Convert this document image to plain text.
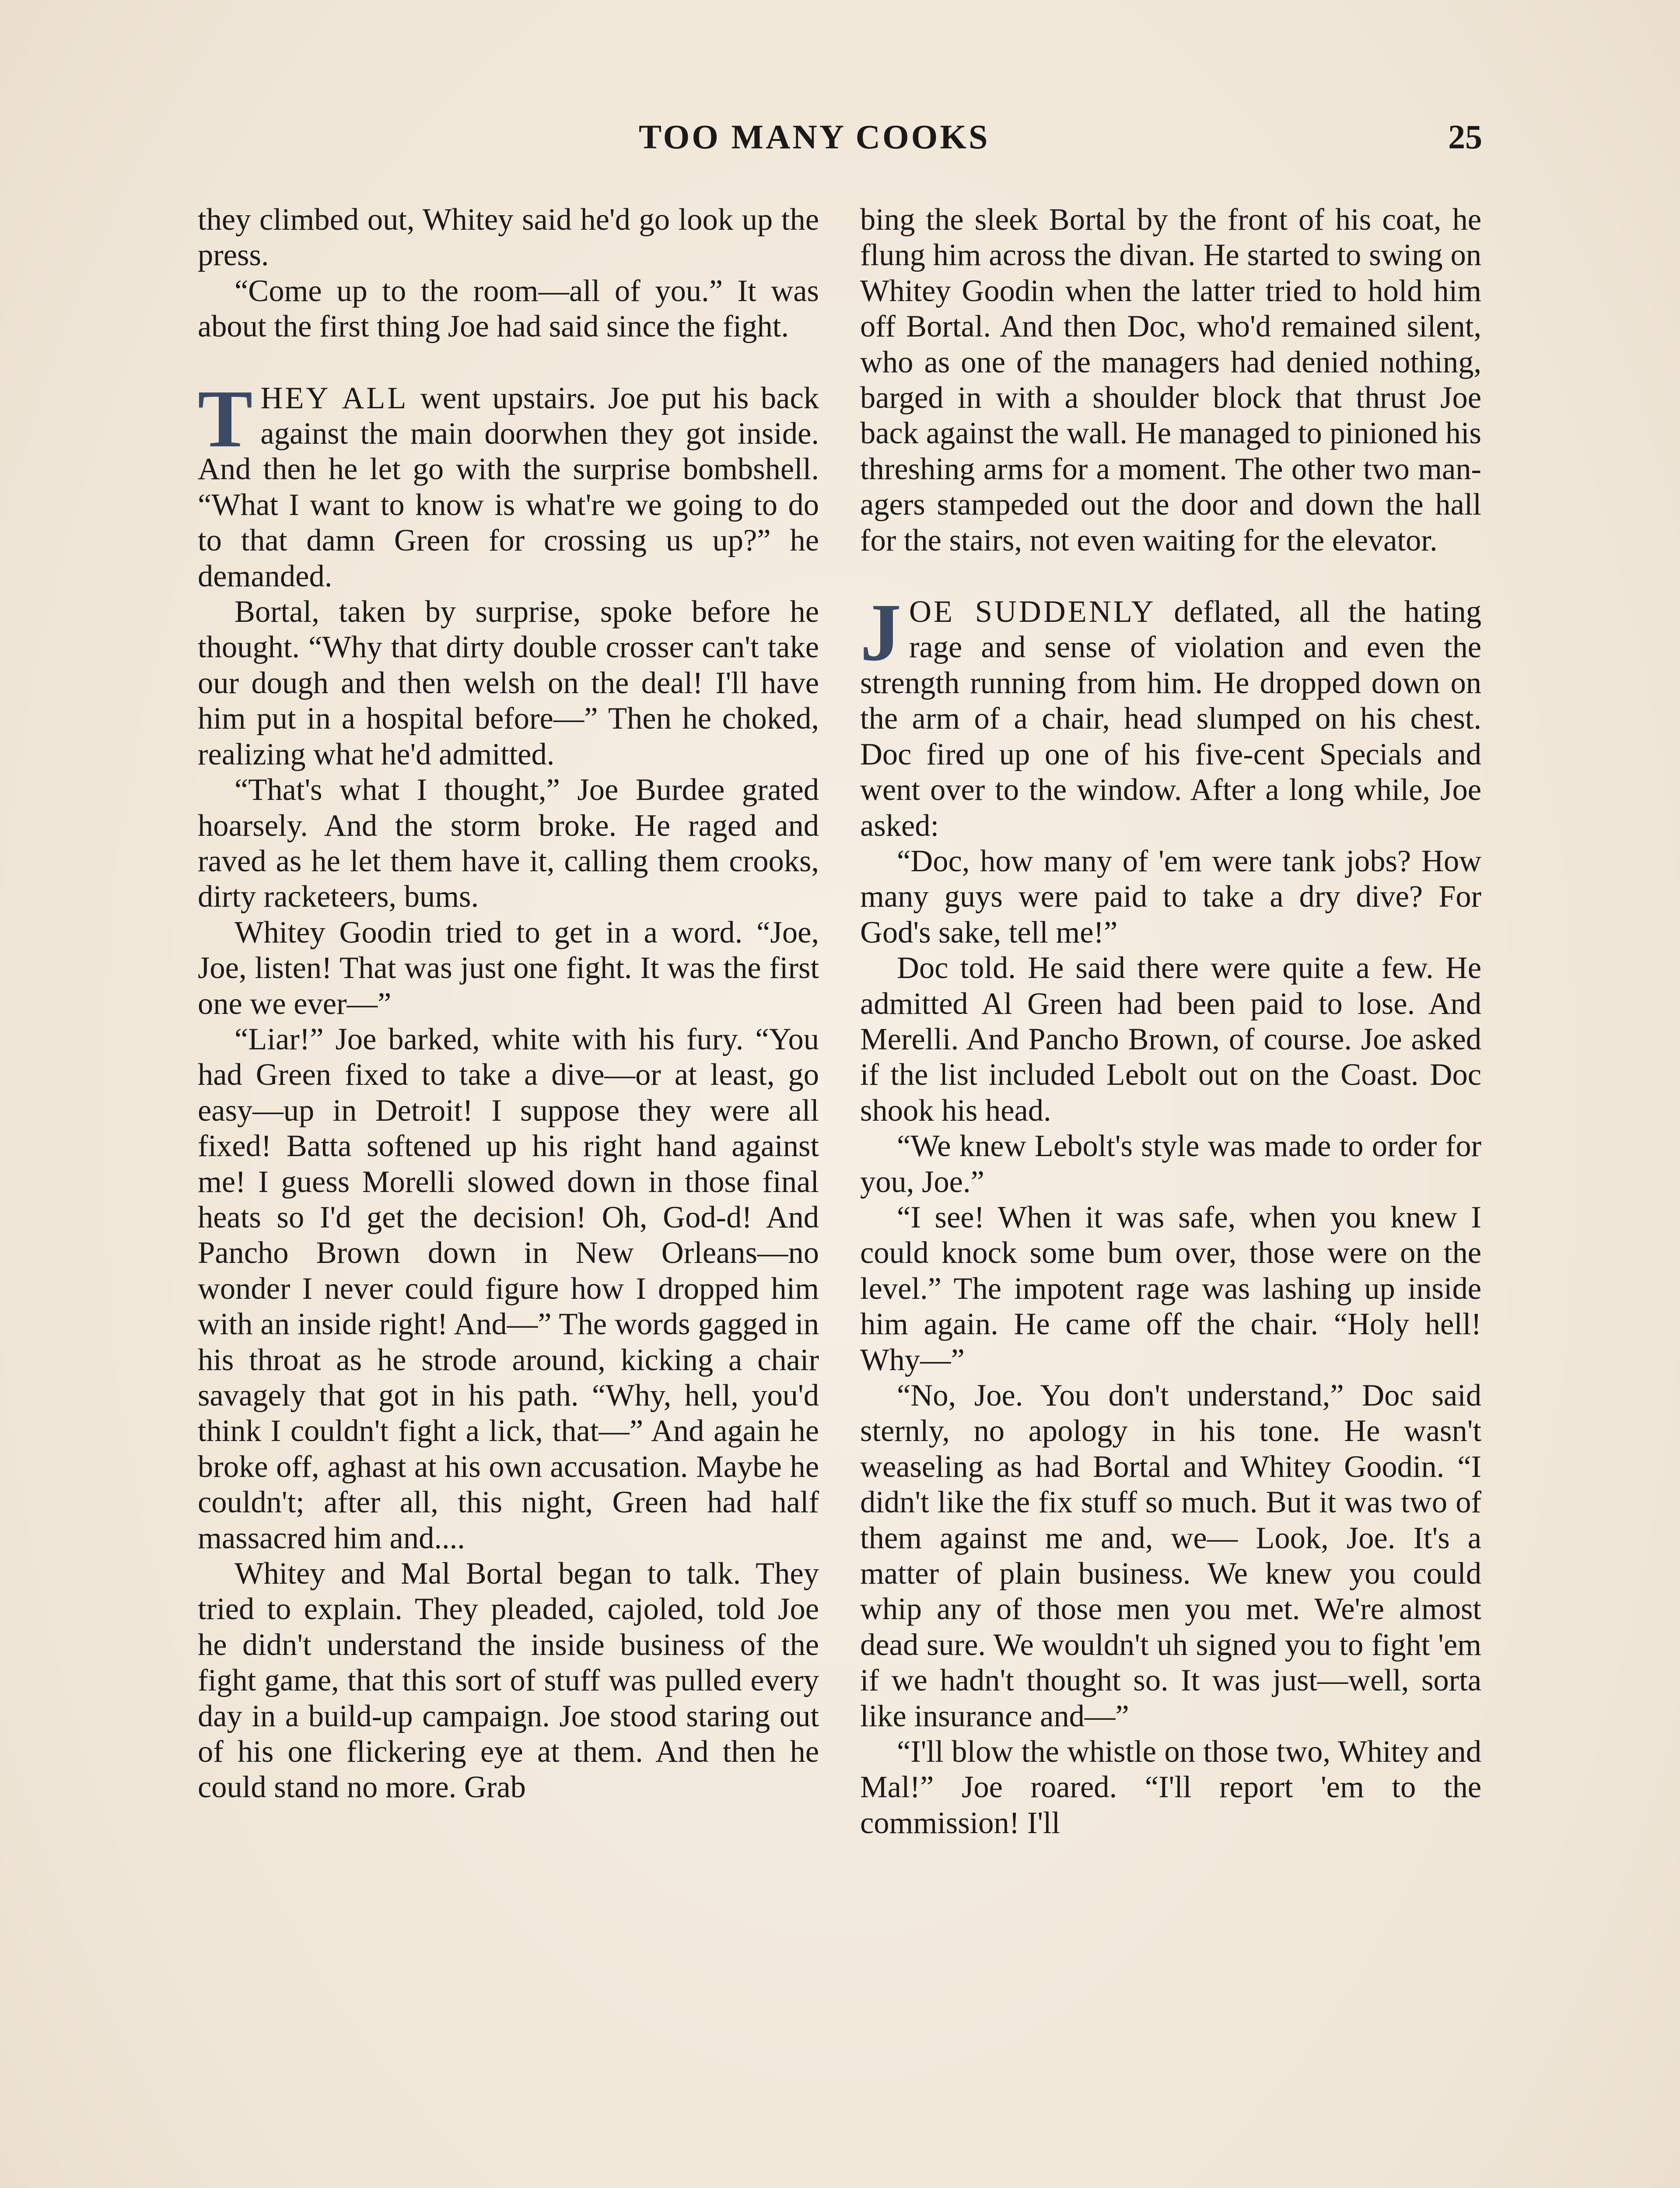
TOO MANY COOKS	25

they climbed out, Whitey said he'd go look up the press.

“Come up to the room—all of you.” It was about the first thing Joe had said since the fight.

THEY ALL went upstairs. Joe put his back against the main doorwhen they got inside. And then he let go with the surprise bombshell. “What I want to know is what're we going to do to that damn Green for crossing us up?” he demanded.

Bortal, taken by surprise, spoke before he thought. “Why that dirty double crosser can't take our dough and then welsh on the deal! I'll have him put in a hospital before—” Then he choked, realizing what he'd admitted.

“That's what I thought,” Joe Burdee grated hoarsely. And the storm broke. He raged and raved as he let them have it, calling them crooks, dirty racketeers, bums.

Whitey Goodin tried to get in a word. “Joe, Joe, listen! That was just one fight. It was the first one we ever—”

“Liar!” Joe barked, white with his fury. “You had Green fixed to take a dive—or at least, go easy—up in Detroit! I suppose they were all fixed! Batta softened up his right hand against me! I guess Morelli slowed down in those final heats so I'd get the decision! Oh, God-d! And Pancho Brown down in New Orleans—no wonder I never could figure how I dropped him with an inside right! And—” The words gagged in his throat as he strode around, kicking a chair savagely that got in his path. “Why, hell, you'd think I couldn't fight a lick, that—” And again he broke off, aghast at his own accusation. Maybe he couldn't; after all, this night, Green had half massacred him and....

Whitey and Mal Bortal began to talk. They tried to explain. They pleaded, cajoled, told Joe he didn't understand the inside business of the fight game, that this sort of stuff was pulled every day in a build-up campaign. Joe stood staring out of his one flickering eye at them. And then he could stand no more. Grab

bing the sleek Bortal by the front of his coat, he flung him across the divan. He started to swing on Whitey Goodin when the latter tried to hold him off Bortal. And then Doc, who'd remained silent, who as one of the managers had denied nothing, barged in with a shoulder block that thrust Joe back against the wall. He managed to pinioned his threshing arms for a moment. The other two managers stampeded out the door and down the hall for the stairs, not even waiting for the elevator.

JOE SUDDENLY deflated, all the hating rage and sense of violation and even the strength running from him. He dropped down on the arm of a chair, head slumped on his chest. Doc fired up one of his five-cent Specials and went over to the window. After a long while, Joe asked:

“Doc, how many of 'em were tank jobs? How many guys were paid to take a dry dive? For God's sake, tell me!”

Doc told. He said there were quite a few. He admitted Al Green had been paid to lose. And Merelli. And Pancho Brown, of course. Joe asked if the list included Lebolt out on the Coast. Doc shook his head.

“We knew Lebolt's style was made to order for you, Joe.”

“I see! When it was safe, when you knew I could knock some bum over, those were on the level.” The impotent rage was lashing up inside him again. He came off the chair. “Holy hell! Why—”

“No, Joe. You don't understand,” Doc said sternly, no apology in his tone. He wasn't weaseling as had Bortal and Whitey Goodin. “I didn't like the fix stuff so much. But it was two of them against me and, we— Look, Joe. It's a matter of plain business. We knew you could whip any of those men you met. We're almost dead sure. We wouldn't uh signed you to fight 'em if we hadn't thought so. It was just—well, sorta like insurance and—”

“I'll blow the whistle on those two, Whitey and Mal!” Joe roared. “I'll report 'em to the commission! I'll
